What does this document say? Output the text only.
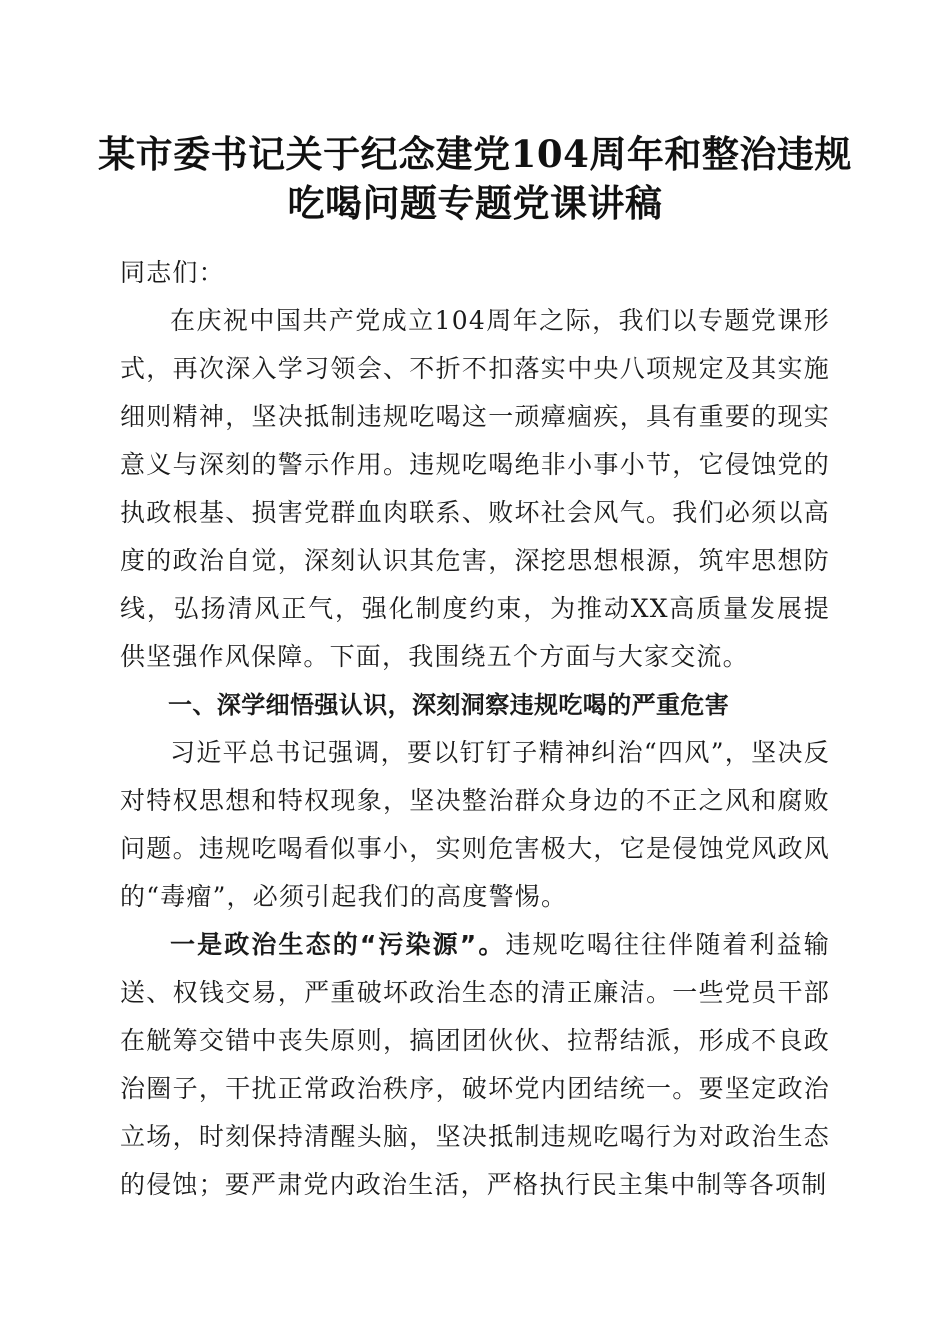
某市委书记关于纪念建党104周年和整治违规
吃喝问题专题党课讲稿

同志们：

在庆祝中国共产党成立104周年之际，我们以专题党课形式，再次深入学习领会、不折不扣落实中央八项规定及其实施细则精神，坚决抵制违规吃喝这一顽瘴痼疾，具有重要的现实意义与深刻的警示作用。违规吃喝绝非小事小节，它侵蚀党的执政根基、损害党群血肉联系、败坏社会风气。我们必须以高度的政治自觉，深刻认识其危害，深挖思想根源，筑牢思想防线，弘扬清风正气，强化制度约束，为推动XX高质量发展提供坚强作风保障。下面，我围绕五个方面与大家交流。

一、深学细悟强认识，深刻洞察违规吃喝的严重危害

习近平总书记强调，要以钉钉子精神纠治“四风”，坚决反对特权思想和特权现象，坚决整治群众身边的不正之风和腐败问题。违规吃喝看似事小，实则危害极大，它是侵蚀党风政风的“毒瘤”，必须引起我们的高度警惕。

一是政治生态的“污染源”。违规吃喝往往伴随着利益输送、权钱交易，严重破坏政治生态的清正廉洁。一些党员干部在觥筹交错中丧失原则，搞团团伙伙、拉帮结派，形成不良政治圈子，干扰正常政治秩序，破坏党内团结统一。要坚定政治立场，时刻保持清醒头脑，坚决抵制违规吃喝行为对政治生态的侵蚀；要严肃党内政治生活，严格执行民主集中制等各项制
